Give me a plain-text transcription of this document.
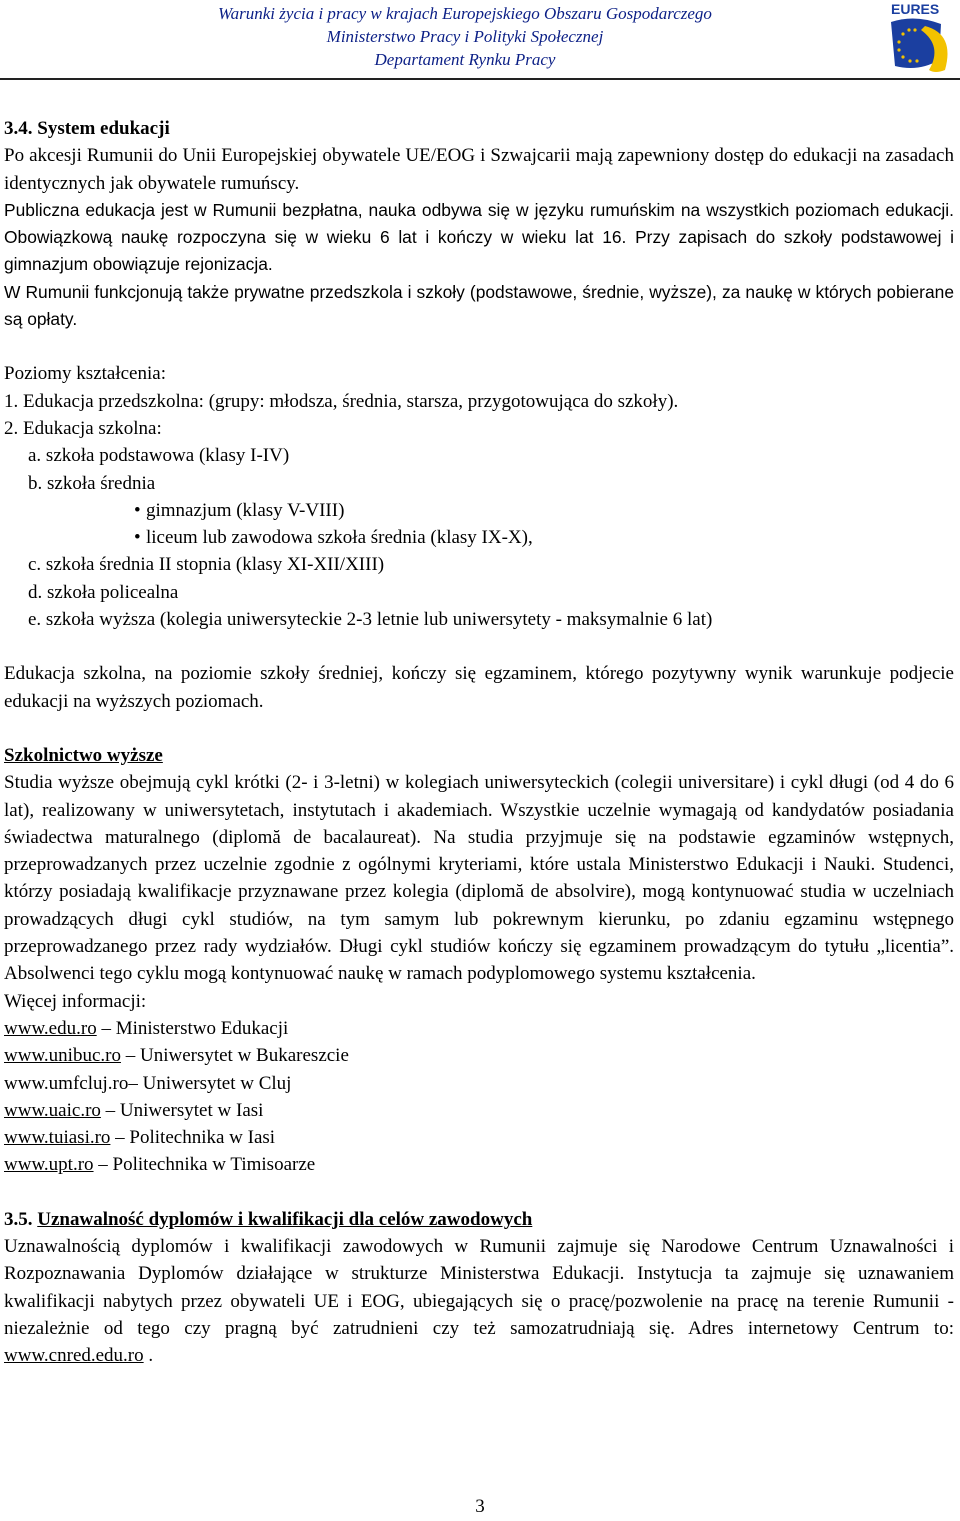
Warunki życia i pracy w krajach Europejskiego Obszaru Gospodarczego
Ministerstwo Pracy i Polityki Społecznej
Departament Rynku Pracy
EURES

3.4. System edukacji

Po akcesji Rumunii do Unii Europejskiej obywatele UE/EOG i Szwajcarii mają zapewniony dostęp do edukacji na zasadach identycznych jak obywatele rumuńscy.

Publiczna edukacja jest w Rumunii bezpłatna, nauka odbywa się w języku rumuńskim na wszystkich poziomach edukacji. Obowiązkową naukę rozpoczyna się w wieku 6 lat i kończy w wieku lat 16. Przy zapisach do szkoły podstawowej i gimnazjum obowiązuje rejonizacja.

W Rumunii funkcjonują także prywatne przedszkola i szkoły (podstawowe, średnie, wyższe), za naukę w których pobierane są opłaty.

Poziomy kształcenia:

1. Edukacja przedszkolna: (grupy: młodsza, średnia, starsza, przygotowująca do szkoły).

2. Edukacja szkolna:

a. szkoła podstawowa (klasy I-IV)

b. szkoła średnia

• gimnazjum (klasy V-VIII)

• liceum lub zawodowa szkoła średnia (klasy IX-X),

c. szkoła średnia II stopnia (klasy XI-XII/XIII)

d. szkoła policealna

e. szkoła wyższa (kolegia uniwersyteckie 2-3 letnie lub uniwersytety - maksymalnie 6 lat)

Edukacja szkolna, na poziomie szkoły średniej, kończy się egzaminem, którego pozytywny wynik warunkuje podjecie edukacji na wyższych poziomach.

Szkolnictwo wyższe

Studia wyższe obejmują cykl krótki (2- i 3-letni) w kolegiach uniwersyteckich (colegii universitare) i cykl długi (od 4 do 6 lat), realizowany w uniwersytetach, instytutach i akademiach. Wszystkie uczelnie wymagają od kandydatów posiadania świadectwa maturalnego (diplomă de bacalaureat). Na studia przyjmuje się na podstawie egzaminów wstępnych, przeprowadzanych przez uczelnie zgodnie z ogólnymi kryteriami, które ustala Ministerstwo Edukacji i Nauki. Studenci, którzy posiadają kwalifikacje przyznawane przez kolegia (diplomă de absolvire), mogą kontynuować studia w uczelniach prowadzących długi cykl studiów, na tym samym lub pokrewnym kierunku, po zdaniu egzaminu wstępnego przeprowadzanego przez rady wydziałów. Długi cykl studiów kończy się egzaminem prowadzącym do tytułu „licentia”. Absolwenci tego cyklu mogą kontynuować naukę w ramach podyplomowego systemu kształcenia.

Więcej informacji:

www.edu.ro – Ministerstwo Edukacji

www.unibuc.ro – Uniwersytet w Bukareszcie

www.umfcluj.ro– Uniwersytet w Cluj

www.uaic.ro – Uniwersytet w Iasi

www.tuiasi.ro – Politechnika w Iasi

www.upt.ro – Politechnika w Timisoarze

3.5. Uznawalność dyplomów i kwalifikacji dla celów zawodowych

Uznawalnością dyplomów i kwalifikacji zawodowych w Rumunii zajmuje się Narodowe Centrum Uznawalności i Rozpoznawania Dyplomów działające w strukturze Ministerstwa Edukacji. Instytucja ta zajmuje się uznawaniem kwalifikacji nabytych przez obywateli UE i EOG, ubiegających się o pracę/pozwolenie na pracę na terenie Rumunii - niezależnie od tego czy pragną być zatrudnieni czy też samozatrudniają się. Adres internetowy Centrum to: www.cnred.edu.ro .

3
